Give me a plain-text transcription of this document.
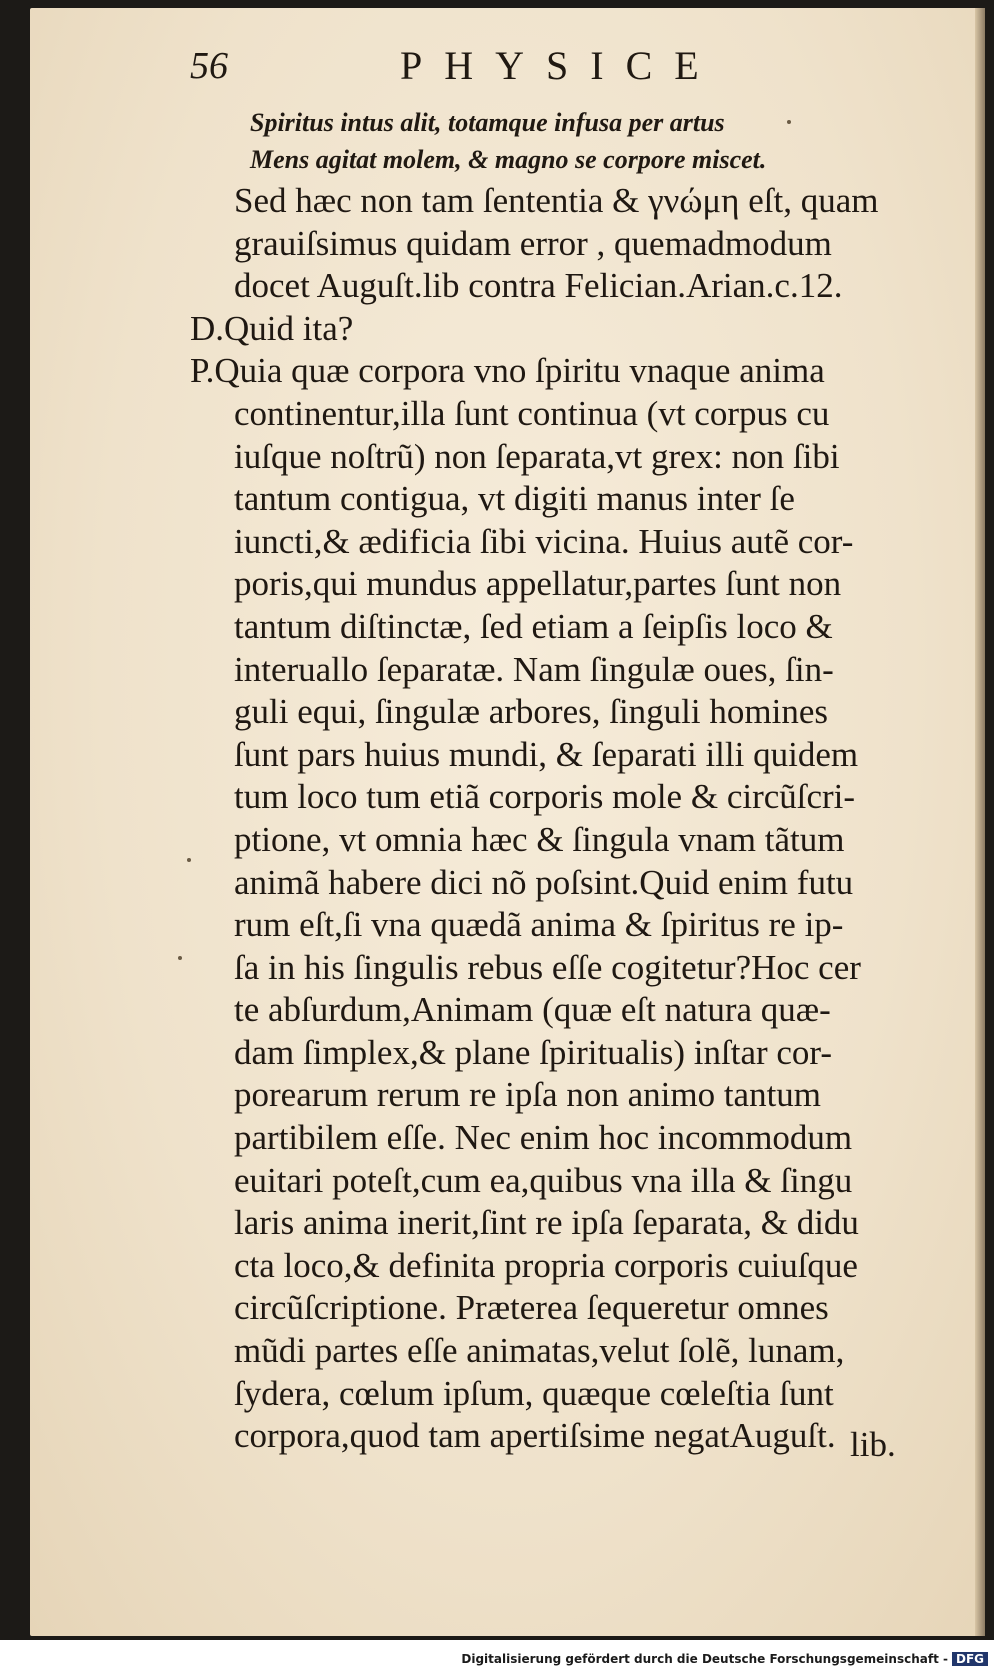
56	PHYSICE
Spiritus intus alit, totamque infusa per artus
Mens agitat molem, & magno se corpore miscet.
Sed hæc non tam ſententia & γνώμη eſt, quam
grauiſsimus quidam error , quemadmodum
docet Auguſt.lib contra Felician.Arian.c.12.
D.Quid ita?
P.Quia quæ corpora vno ſpiritu vnaque anima
continentur,illa ſunt continua (vt corpus cu
iuſque noſtrũ) non ſeparata,vt grex: non ſibi
tantum contigua, vt digiti manus inter ſe
iuncti,& ædificia ſibi vicina. Huius autẽ cor-
poris,qui mundus appellatur,partes ſunt non
tantum diſtinctæ, ſed etiam a ſeipſis loco &
interuallo ſeparatæ. Nam ſingulæ oues, ſin-
guli equi, ſingulæ arbores, ſinguli homines
ſunt pars huius mundi, & ſeparati illi quidem
tum loco tum etiã corporis mole & circũſcri-
ptione, vt omnia hæc & ſingula vnam tãtum
animã habere dici nõ poſsint.Quid enim futu
rum eſt,ſi vna quædã anima & ſpiritus re ip-
ſa in his ſingulis rebus eſſe cogitetur?Hoc cer
te abſurdum,Animam (quæ eſt natura quæ-
dam ſimplex,& plane ſpiritualis) inſtar cor-
porearum rerum re ipſa non animo tantum
partibilem eſſe. Nec enim hoc incommodum
euitari poteſt,cum ea,quibus vna illa & ſingu
laris anima inerit,ſint re ipſa ſeparata, & didu
cta loco,& definita propria corporis cuiuſque
circũſcriptione. Præterea ſequeretur omnes
mũdi partes eſſe animatas,velut ſolẽ, lunam,
ſydera, cœlum ipſum, quæque cœleſtia ſunt
corpora,quod tam apertiſsime negatAuguſt. lib.
Digitalisierung gefördert durch die Deutsche Forschungsgemeinschaft - DFG
